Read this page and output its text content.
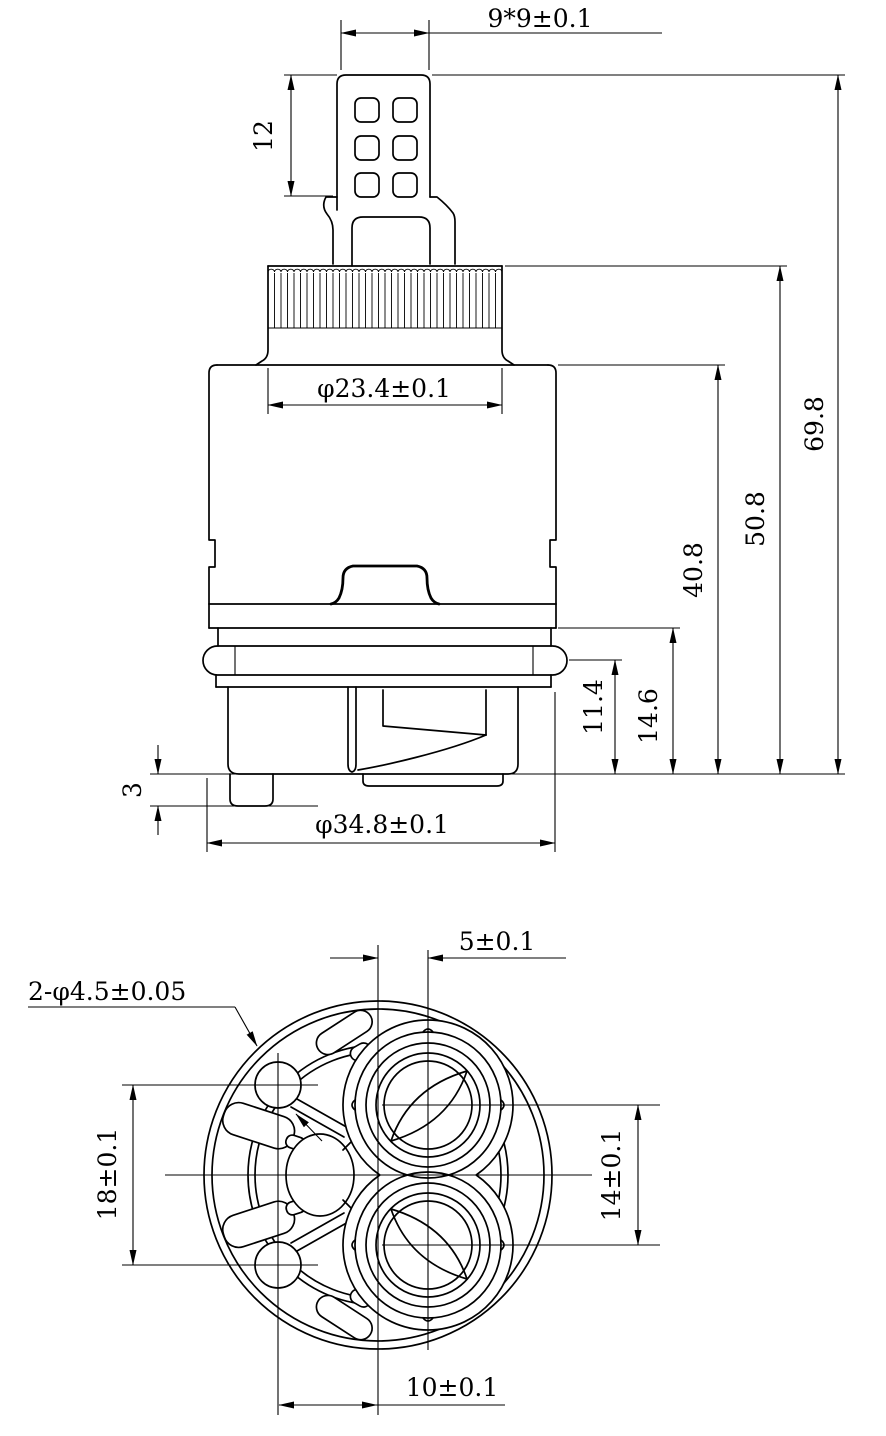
9*9±0.1
12
φ23.4±0.1
11.4 14.6
40.8
50.8
69.8
3
φ34.8±0.1
5±0.1
2-φ4.5±0.05
18±0.1	14±0.1
10±0.1
